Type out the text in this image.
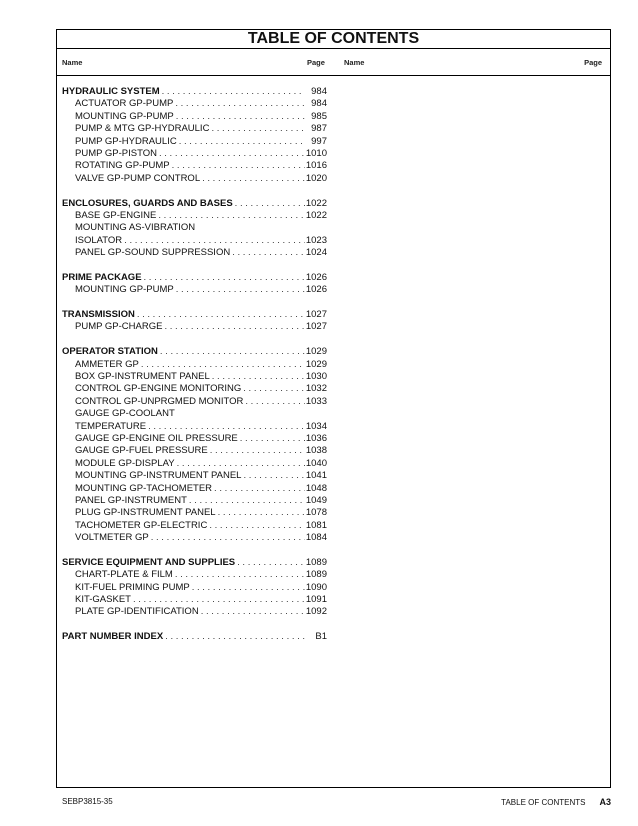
TABLE OF CONTENTS
Name	Page	Name	Page
HYDRAULIC SYSTEM . . .	984
ACTUATOR GP-PUMP . . .	984
MOUNTING GP-PUMP . . .	985
PUMP & MTG GP-HYDRAULIC . . .	987
PUMP GP-HYDRAULIC . . .	997
PUMP GP-PISTON . . .	1010
ROTATING GP-PUMP . . .	1016
VALVE GP-PUMP CONTROL . . .	1020
ENCLOSURES, GUARDS AND BASES . . .	1022
BASE GP-ENGINE . . .	1022
MOUNTING AS-VIBRATION
ISOLATOR . . .	1023
PANEL GP-SOUND SUPPRESSION . . .	1024
PRIME PACKAGE . . .	1026
MOUNTING GP-PUMP . . .	1026
TRANSMISSION . . .	1027
PUMP GP-CHARGE . . .	1027
OPERATOR STATION . . .	1029
AMMETER GP . . .	1029
BOX GP-INSTRUMENT PANEL . . .	1030
CONTROL GP-ENGINE MONITORING . . .	1032
CONTROL GP-UNPRGMED MONITOR . . .	1033
GAUGE GP-COOLANT
TEMPERATURE . . .	1034
GAUGE GP-ENGINE OIL PRESSURE . . .	1036
GAUGE GP-FUEL PRESSURE . . .	1038
MODULE GP-DISPLAY . . .	1040
MOUNTING GP-INSTRUMENT PANEL . . .	1041
MOUNTING GP-TACHOMETER . . .	1048
PANEL GP-INSTRUMENT . . .	1049
PLUG GP-INSTRUMENT PANEL . . .	1078
TACHOMETER GP-ELECTRIC . . .	1081
VOLTMETER GP . . .	1084
SERVICE EQUIPMENT AND SUPPLIES . . .	1089
CHART-PLATE & FILM . . .	1089
KIT-FUEL PRIMING PUMP . . .	1090
KIT-GASKET . . .	1091
PLATE GP-IDENTIFICATION . . .	1092
PART NUMBER INDEX . . .	B1
SEBP3815-35	TABLE OF CONTENTS A3
